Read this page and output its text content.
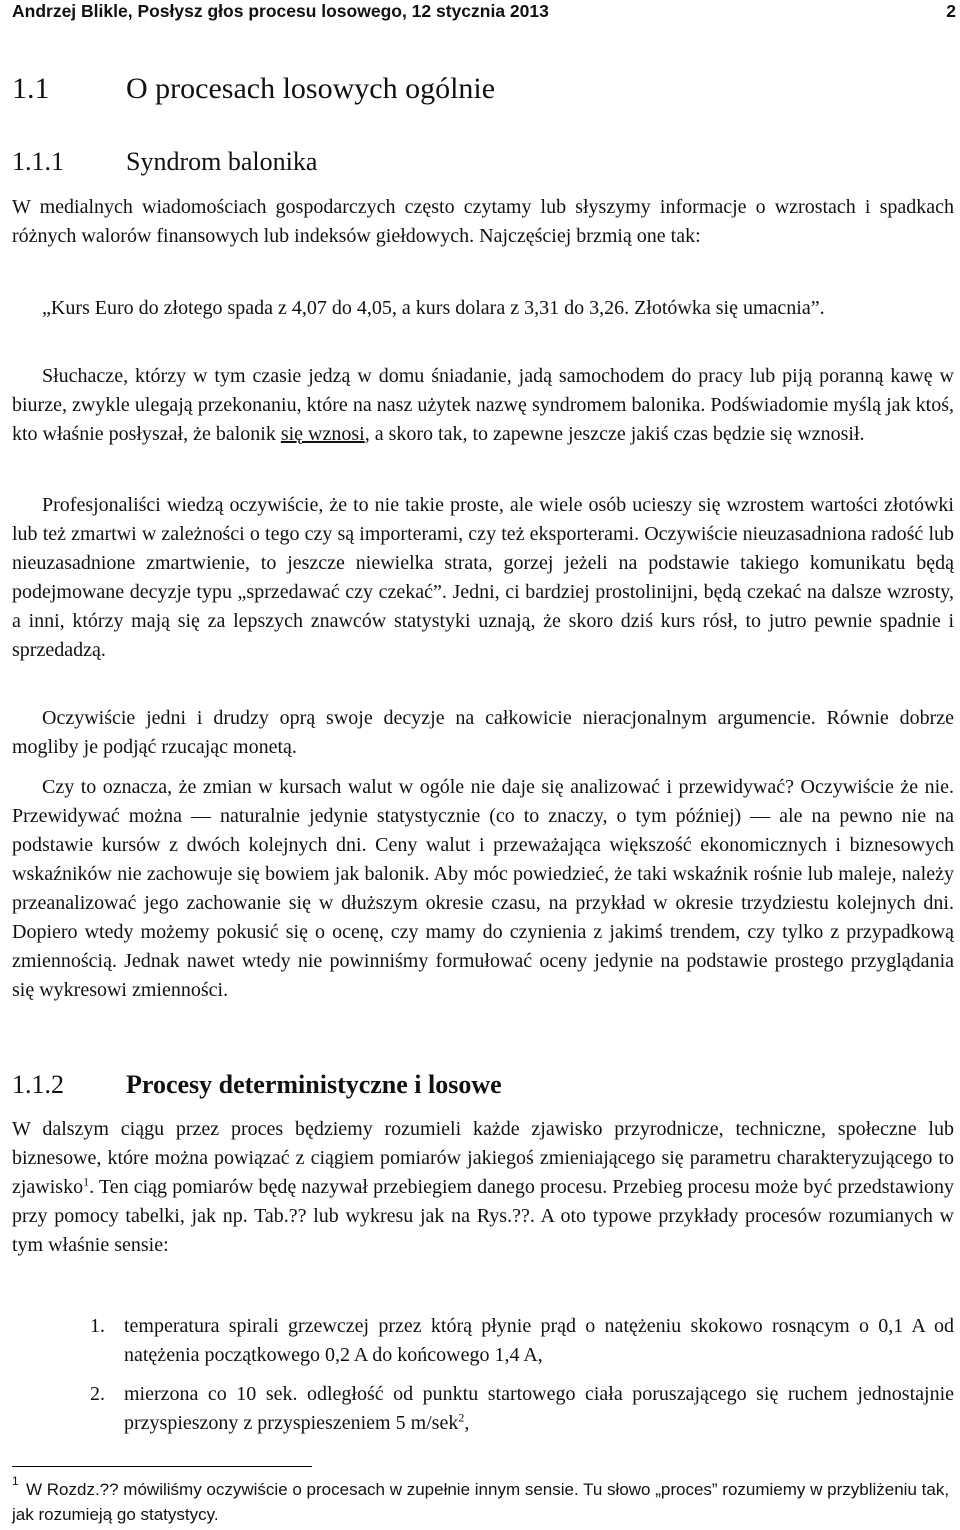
Andrzej Blikle, Posłysz głos procesu losowego, 12 stycznia 2013	2
1.1	O procesach losowych ogólnie
1.1.1 Syndrom balonika

W medialnych wiadomościach gospodarczych często czytamy lub słyszymy informacje o wzrostach i spadkach różnych walorów finansowych lub indeksów giełdowych. Najczęściej brzmią one tak:

„Kurs Euro do złotego spada z 4,07 do 4,05, a kurs dolara z 3,31 do 3,26. Złotówka się umacnia”.

Słuchacze, którzy w tym czasie jedzą w domu śniadanie, jadą samochodem do pracy lub piją poranną kawę w biurze, zwykle ulegają przekonaniu, które na nasz użytek nazwę syndromem balonika. Podświadomie myślą jak ktoś, kto właśnie posłyszał, że balonik się wznosi, a skoro tak, to zapewne jeszcze jakiś czas będzie się wznosił.

Profesjonaliści wiedzą oczywiście, że to nie takie proste, ale wiele osób ucieszy się wzrostem wartości złotówki lub też zmartwi w zależności o tego czy są importerami, czy też eksporterami. Oczywiście nieuzasadniona radość lub nieuzasadnione zmartwienie, to jeszcze niewielka strata, gorzej jeżeli na podstawie takiego komunikatu będą podejmowane decyzje typu „sprzedawać czy czekać”. Jedni, ci bardziej prostolinijni, będą czekać na dalsze wzrosty, a inni, którzy mają się za lepszych znawców statystyki uznają, że skoro dziś kurs rósł, to jutro pewnie spadnie i sprzedadzą.

Oczywiście jedni i drudzy oprą swoje decyzje na całkowicie nieracjonalnym argumencie. Równie dobrze mogliby je podjąć rzucając monetą.

Czy to oznacza, że zmian w kursach walut w ogóle nie daje się analizować i przewidywać? Oczywiście że nie. Przewidywać można — naturalnie jedynie statystycznie (co to znaczy, o tym później) — ale na pewno nie na podstawie kursów z dwóch kolejnych dni. Ceny walut i przeważająca większość ekonomicznych i biznesowych wskaźników nie zachowuje się bowiem jak balonik. Aby móc powiedzieć, że taki wskaźnik rośnie lub maleje, należy przeanalizować jego zachowanie się w dłuższym okresie czasu, na przykład w okresie trzydziestu kolejnych dni. Dopiero wtedy możemy pokusić się o ocenę, czy mamy do czynienia z jakimś trendem, czy tylko z przypadkową zmiennością. Jednak nawet wtedy nie powinniśmy formułować oceny jedynie na podstawie prostego przyglądania się wykresowi zmienności.

1.1.2 Procesy deterministyczne i losowe

W dalszym ciągu przez proces będziemy rozumieli każde zjawisko przyrodnicze, techniczne, społeczne lub biznesowe, które można powiązać z ciągiem pomiarów jakiegoś zmieniającego się parametru charakteryzującego to zjawisko$^1$. Ten ciąg pomiarów będę nazywał przebiegiem danego procesu. Przebieg procesu może być przedstawiony przy pomocy tabelki, jak np. Tab.?? lub wykresu jak na Rys.??. A oto typowe przykłady procesów rozumianych w tym właśnie sensie:

1. temperatura spirali grzewczej przez którą płynie prąd o natężeniu skokowo rosnącym o 0,1 A od natężenia początkowego 0,2 A do końcowego 1,4 A,
2. mierzona co 10 sek. odległość od punktu startowego ciała poruszającego się ruchem jednostajnie przyspieszony z przyspieszeniem 5 m/sek$^2$,
1 W Rozdz.?? mówiliśmy oczywiście o procesach w zupełnie innym sensie. Tu słowo „proces” rozumiemy w przybliżeniu tak, jak rozumieją go statystycy.
